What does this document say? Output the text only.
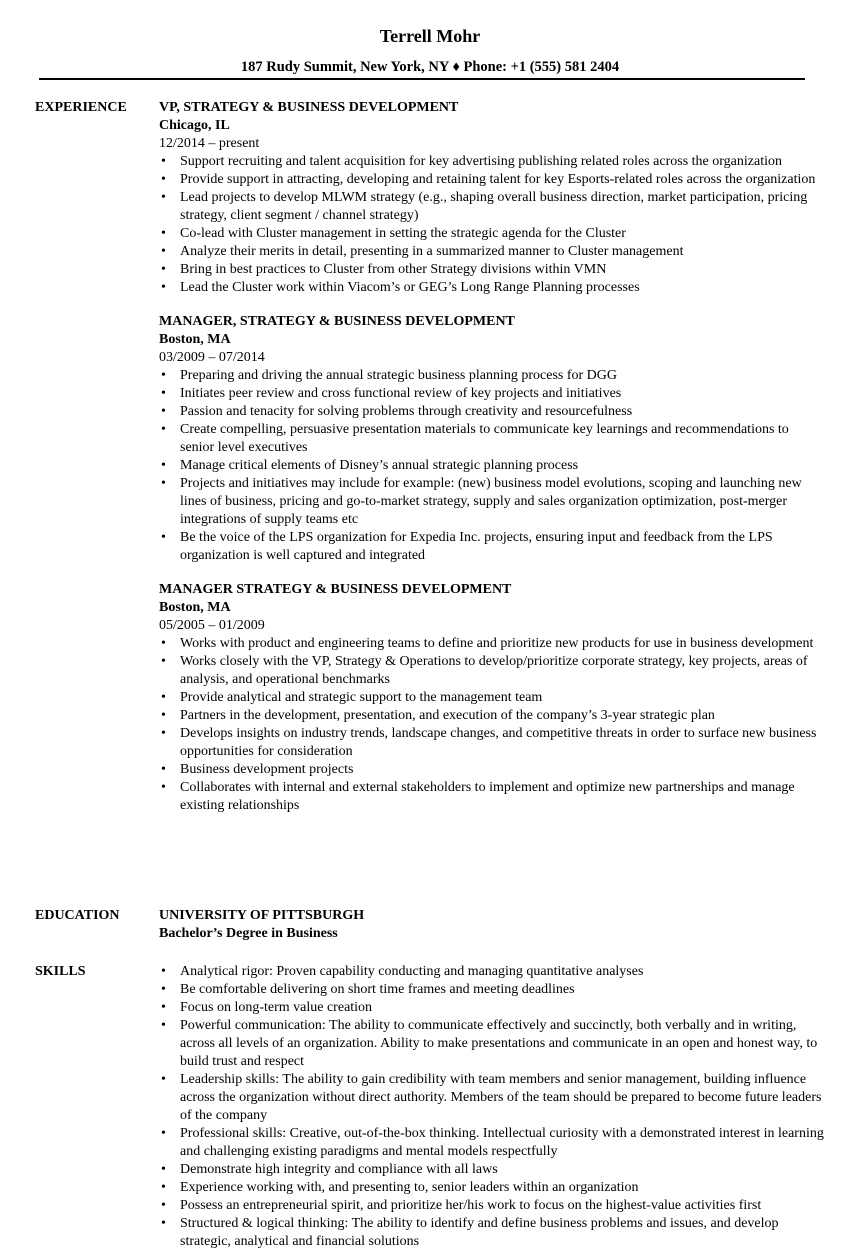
Terrell Mohr
187 Rudy Summit, New York, NY ♦ Phone: +1 (555) 581 2404
EXPERIENCE	VP, STRATEGY & BUSINESS DEVELOPMENT
Chicago, IL
12/2014 – present
• Support recruiting and talent acquisition for key advertising publishing related roles across the organization
• Provide support in attracting, developing and retaining talent for key Esports-related roles across the organization
• Lead projects to develop MLWM strategy (e.g., shaping overall business direction, market participation, pricing strategy, client segment / channel strategy)
• Co-lead with Cluster management in setting the strategic agenda for the Cluster
• Analyze their merits in detail, presenting in a summarized manner to Cluster management
• Bring in best practices to Cluster from other Strategy divisions within VMN
• Lead the Cluster work within Viacom’s or GEG’s Long Range Planning processes
MANAGER, STRATEGY & BUSINESS DEVELOPMENT
Boston, MA
03/2009 – 07/2014
• Preparing and driving the annual strategic business planning process for DGG
• Initiates peer review and cross functional review of key projects and initiatives
• Passion and tenacity for solving problems through creativity and resourcefulness
• Create compelling, persuasive presentation materials to communicate key learnings and recommendations to senior level executives
• Manage critical elements of Disney’s annual strategic planning process
• Projects and initiatives may include for example: (new) business model evolutions, scoping and launching new lines of business, pricing and go-to-market strategy, supply and sales organization optimization, post-merger integrations of supply teams etc
• Be the voice of the LPS organization for Expedia Inc. projects, ensuring input and feedback from the LPS organization is well captured and integrated
MANAGER STRATEGY & BUSINESS DEVELOPMENT
Boston, MA
05/2005 – 01/2009
• Works with product and engineering teams to define and prioritize new products for use in business development
• Works closely with the VP, Strategy & Operations to develop/prioritize corporate strategy, key projects, areas of analysis, and operational benchmarks
• Provide analytical and strategic support to the management team
• Partners in the development, presentation, and execution of the company’s 3-year strategic plan
• Develops insights on industry trends, landscape changes, and competitive threats in order to surface new business opportunities for consideration
• Business development projects
• Collaborates with internal and external stakeholders to implement and optimize new partnerships and manage existing relationships
EDUCATION	UNIVERSITY OF PITTSBURGH
Bachelor’s Degree in Business
SKILLS	• Analytical rigor: Proven capability conducting and managing quantitative analyses
• Be comfortable delivering on short time frames and meeting deadlines
• Focus on long-term value creation
• Powerful communication: The ability to communicate effectively and succinctly, both verbally and in writing, across all levels of an organization. Ability to make presentations and communicate in an open and honest way, to build trust and respect
• Leadership skills: The ability to gain credibility with team members and senior management, building influence across the organization without direct authority. Members of the team should be prepared to become future leaders of the company
• Professional skills: Creative, out-of-the-box thinking. Intellectual curiosity with a demonstrated interest in learning and challenging existing paradigms and mental models respectfully
• Demonstrate high integrity and compliance with all laws
• Experience working with, and presenting to, senior leaders within an organization
• Possess an entrepreneurial spirit, and prioritize her/his work to focus on the highest-value activities first
• Structured & logical thinking: The ability to identify and define business problems and issues, and develop strategic, analytical and financial solutions
